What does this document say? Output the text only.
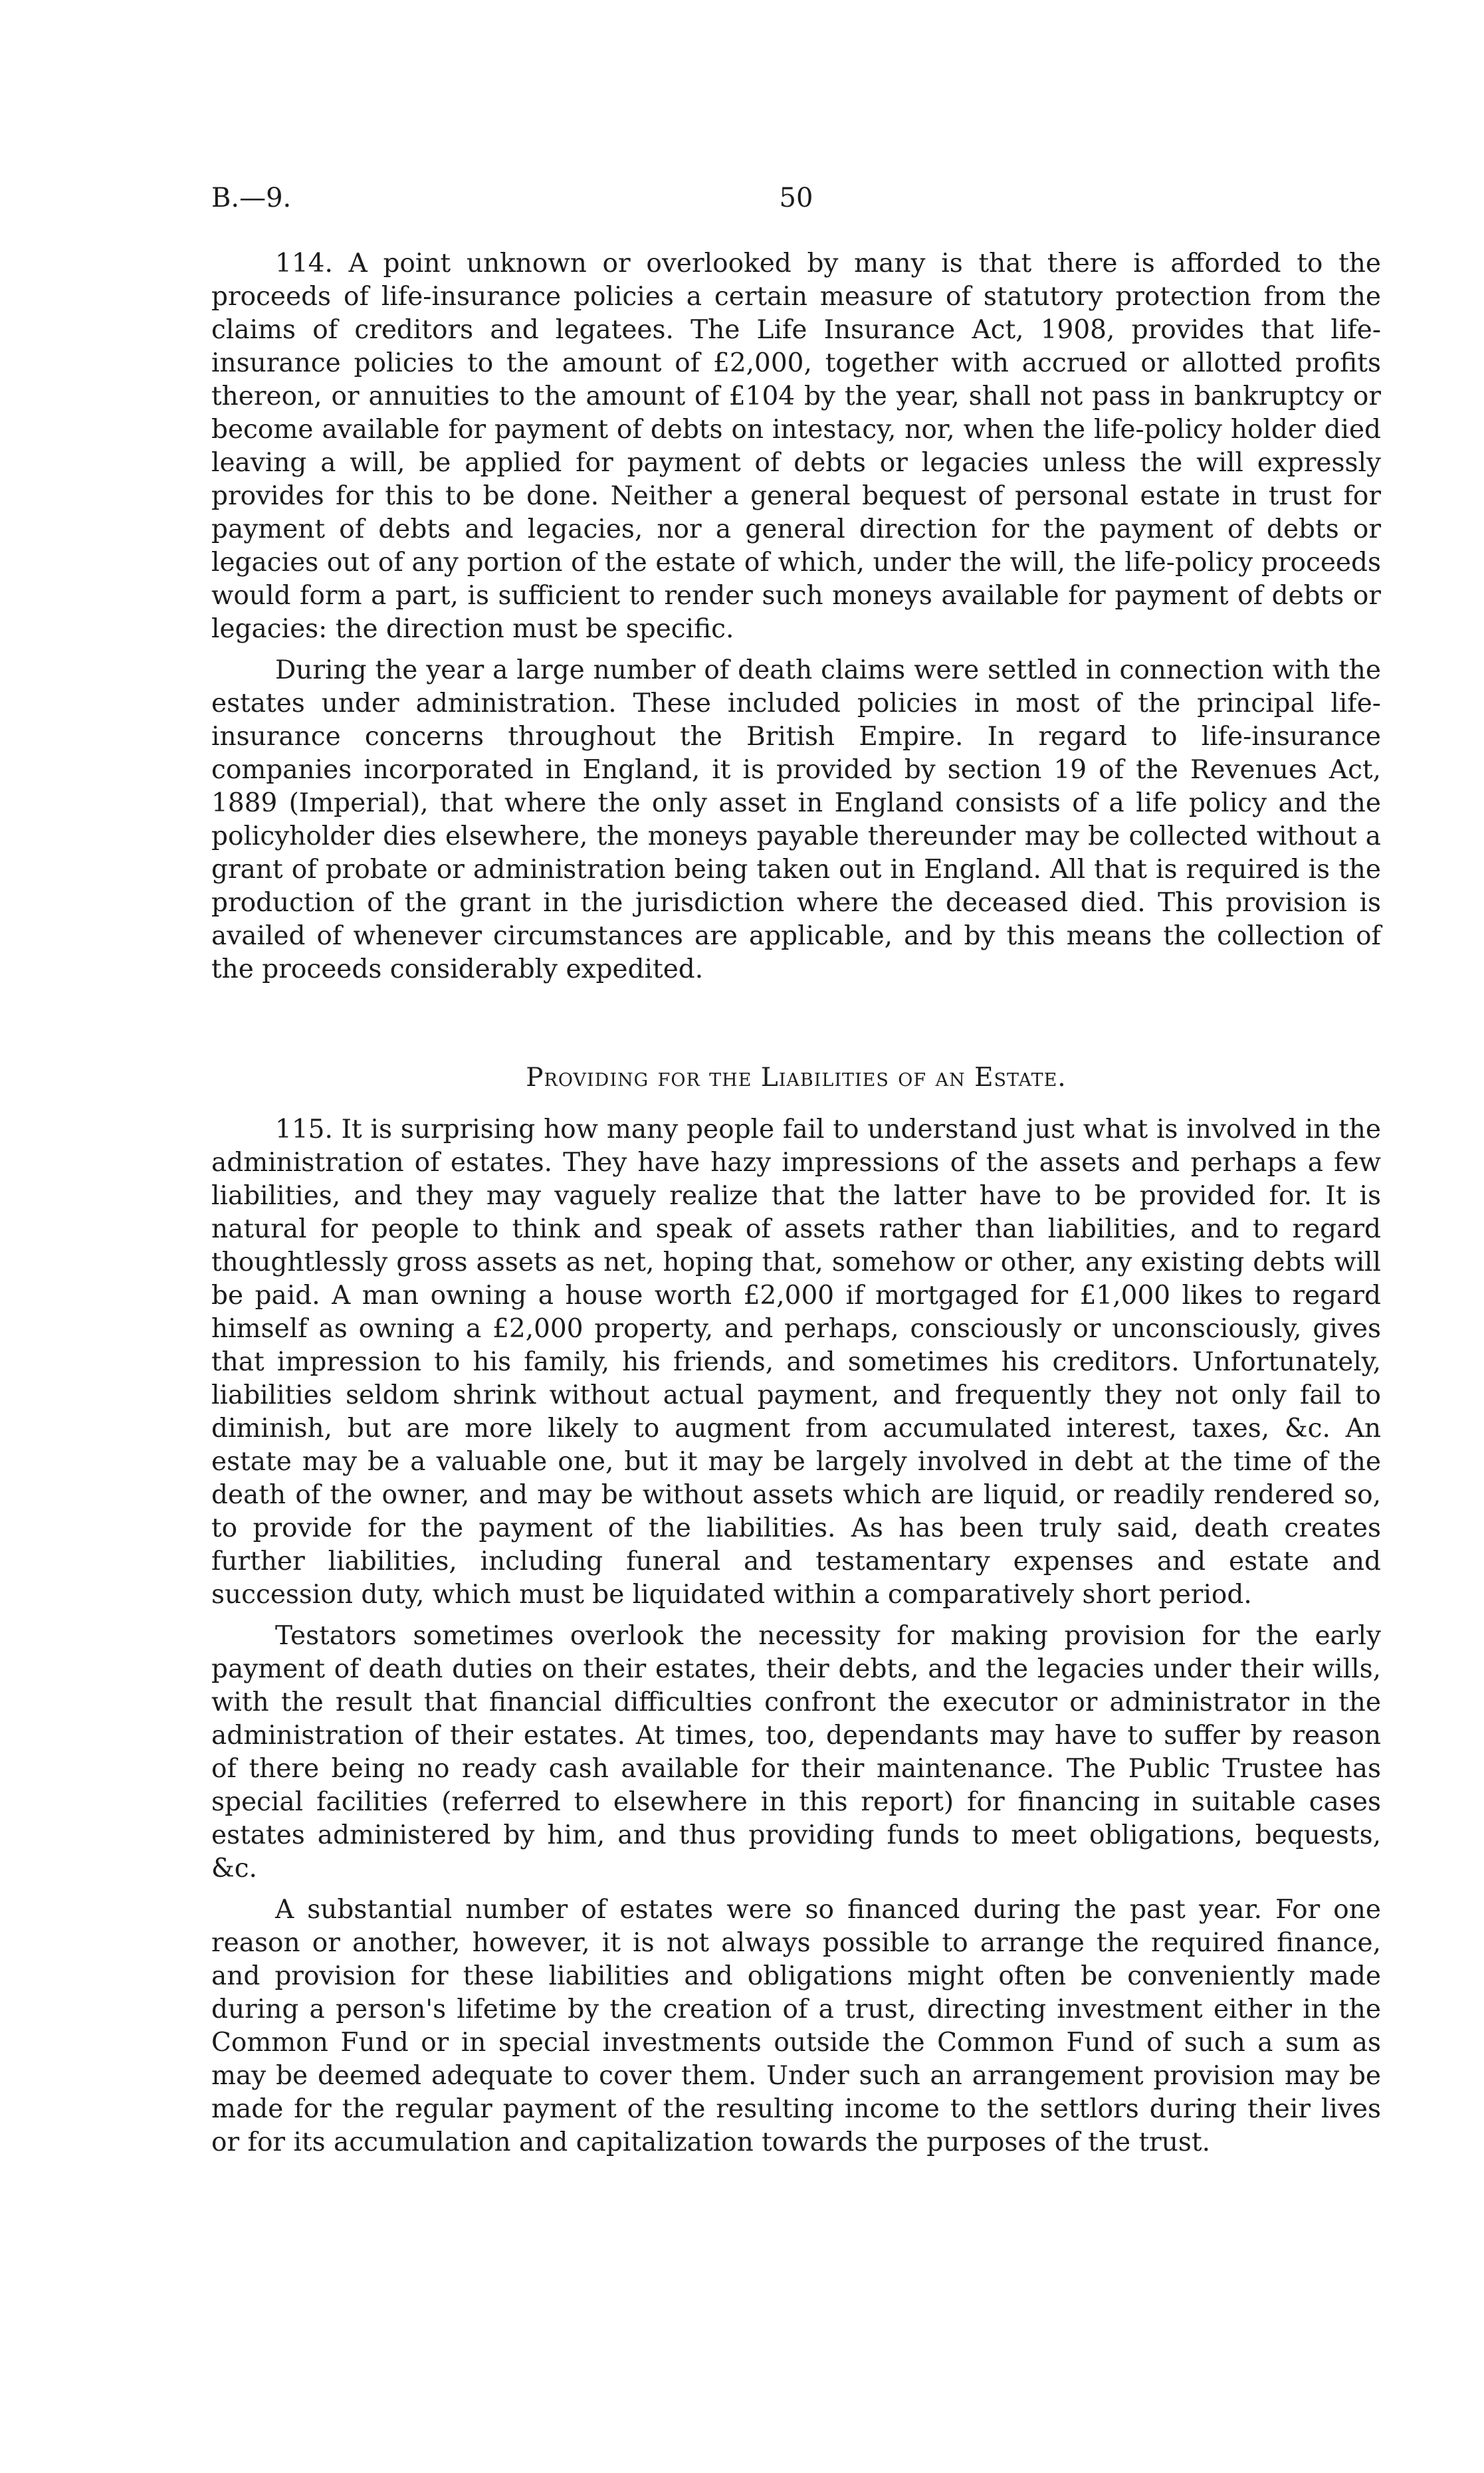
B.—9.	50

114. A point unknown or overlooked by many is that there is afforded to the proceeds of life-insurance policies a certain measure of statutory protection from the claims of creditors and legatees. The Life Insurance Act, 1908, provides that life-insurance policies to the amount of £2,000, together with accrued or allotted profits thereon, or annuities to the amount of £104 by the year, shall not pass in bankruptcy or become available for payment of debts on intestacy, nor, when the life-policy holder died leaving a will, be applied for payment of debts or legacies unless the will expressly provides for this to be done. Neither a general bequest of personal estate in trust for payment of debts and legacies, nor a general direction for the payment of debts or legacies out of any portion of the estate of which, under the will, the life-policy proceeds would form a part, is sufficient to render such moneys available for payment of debts or legacies: the direction must be specific.

During the year a large number of death claims were settled in connection with the estates under administration. These included policies in most of the principal life-insurance concerns throughout the British Empire. In regard to life-insurance companies incorporated in England, it is provided by section 19 of the Revenues Act, 1889 (Imperial), that where the only asset in England consists of a life policy and the policyholder dies elsewhere, the moneys payable thereunder may be collected without a grant of probate or administration being taken out in England. All that is required is the production of the grant in the jurisdiction where the deceased died. This provision is availed of whenever circumstances are applicable, and by this means the collection of the proceeds considerably expedited.

Providing for the Liabilities of an Estate.

115. It is surprising how many people fail to understand just what is involved in the administration of estates. They have hazy impressions of the assets and perhaps a few liabilities, and they may vaguely realize that the latter have to be provided for. It is natural for people to think and speak of assets rather than liabilities, and to regard thoughtlessly gross assets as net, hoping that, somehow or other, any existing debts will be paid. A man owning a house worth £2,000 if mortgaged for £1,000 likes to regard himself as owning a £2,000 property, and perhaps, consciously or unconsciously, gives that impression to his family, his friends, and sometimes his creditors. Unfortunately, liabilities seldom shrink without actual payment, and frequently they not only fail to diminish, but are more likely to augment from accumulated interest, taxes, &c. An estate may be a valuable one, but it may be largely involved in debt at the time of the death of the owner, and may be without assets which are liquid, or readily rendered so, to provide for the payment of the liabilities. As has been truly said, death creates further liabilities, including funeral and testamentary expenses and estate and succession duty, which must be liquidated within a comparatively short period.

Testators sometimes overlook the necessity for making provision for the early payment of death duties on their estates, their debts, and the legacies under their wills, with the result that financial difficulties confront the executor or administrator in the administration of their estates. At times, too, dependants may have to suffer by reason of there being no ready cash available for their maintenance. The Public Trustee has special facilities (referred to elsewhere in this report) for financing in suitable cases estates administered by him, and thus providing funds to meet obligations, bequests, &c.

A substantial number of estates were so financed during the past year. For one reason or another, however, it is not always possible to arrange the required finance, and provision for these liabilities and obligations might often be conveniently made during a person's lifetime by the creation of a trust, directing investment either in the Common Fund or in special investments outside the Common Fund of such a sum as may be deemed adequate to cover them. Under such an arrangement provision may be made for the regular payment of the resulting income to the settlors during their lives or for its accumulation and capitalization towards the purposes of the trust.
